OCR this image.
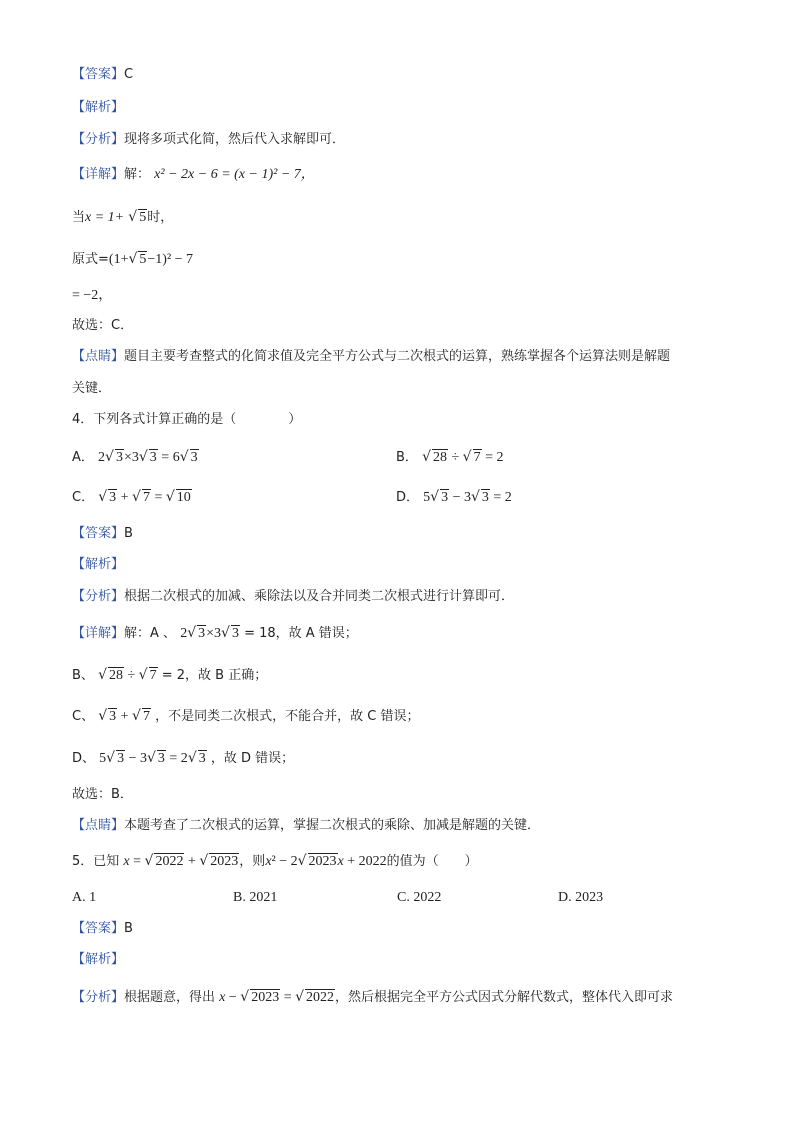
【答案】C
【解析】
【分析】现将多项式化简，然后代入求解即可．
【详解】解： x² − 2x − 6 = (x − 1)² − 7，
当x = 1+ √ 5时，
原式=(1+√ 5−1)² − 7
= −2，
故选：C．
【点睛】题目主要考查整式的化简求值及完全平方公式与二次根式的运算，熟练掌握各个运算法则是解题
关键．
4．下列各式计算正确的是（　　　　）
A． 2√ 3×3√ 3 = 6√ 3	B． √ 28 ÷ √ 7 = 2
C． √ 3 + √ 7 = √ 10	D． 5√ 3 − 3√ 3 = 2
【答案】B
【解析】
【分析】根据二次根式的加减、乘除法以及合并同类二次根式进行计算即可．
【详解】解：A 、 2√ 3×3√ 3 = 18，故 A 错误；
B、 √ 28 ÷ √ 7 = 2，故 B 正确；
C、 √ 3 + √ 7 ，不是同类二次根式，不能合并，故 C 错误；
D、 5√ 3 − 3√ 3 = 2√ 3 ，故 D 错误；
故选：B．
【点睛】本题考查了二次根式的运算，掌握二次根式的乘除、加减是解题的关键．
5．已知 x = √ 2022 + √ 2023，则x² − 2√ 2023x + 2022的值为（　　）
A. 1	B. 2021	C. 2022	D. 2023
【答案】B
【解析】
【分析】根据题意，得出 x − √ 2023 = √ 2022，然后根据完全平方公式因式分解代数式，整体代入即可求
